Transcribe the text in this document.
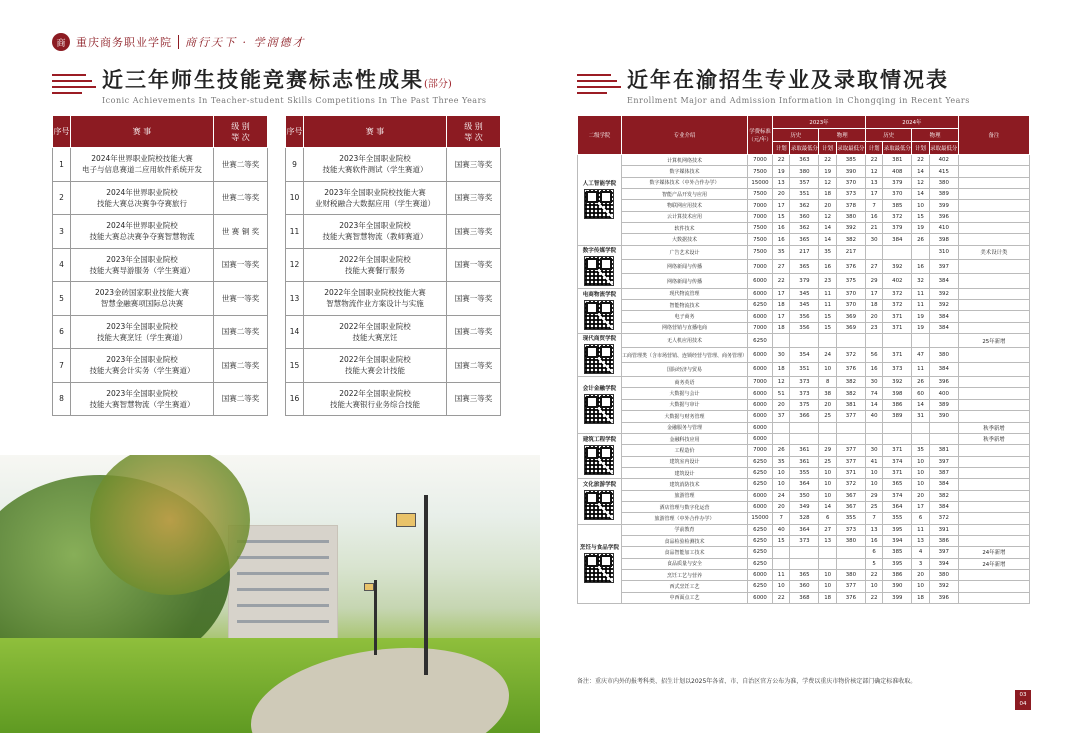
商 重庆商务职业学院 商行天下 · 学润德才
近三年师生技能竞赛标志性成果(部分)
Iconic Achievements In Teacher-student Skills Competitions In The Past Three Years
序号	赛 事	级 别
等 次
1	2024年世界职业院校技能大赛
电子与信息赛道二应用软件系统开发	世赛二等奖
2	2024年世界职业院校
技能大赛总决赛争夺赛旅行	世赛二等奖
3	2024年世界职业院校
技能大赛总决赛争夺赛智慧物流	世 赛 铜 奖
4	2023年全国职业院校
技能大赛导游服务（学生赛道）	国赛一等奖
5	2023金砖国家职业技能大赛
智慧金融赛项国际总决赛	世赛一等奖
6	2023年全国职业院校
技能大赛烹饪（学生赛道）	国赛二等奖
7	2023年全国职业院校
技能大赛会计实务（学生赛道）	国赛二等奖
8	2023年全国职业院校
技能大赛智慧物流（学生赛道）	国赛二等奖
序号	赛 事	级 别
等 次
9	2023年全国职业院校
技能大赛软件测试（学生赛道）	国赛三等奖
10	2023年全国职业院校技能大赛
业财税融合大数据应用（学生赛道）	国赛三等奖
11	2023年全国职业院校
技能大赛智慧物流（教师赛道）	国赛三等奖
12	2022年全国职业院校
技能大赛餐厅服务	国赛一等奖
13	2022年全国职业院校技能大赛
智慧物流作业方案设计与实施	国赛一等奖
14	2022年全国职业院校
技能大赛烹饪	国赛二等奖
15	2022年全国职业院校
技能大赛会计技能	国赛二等奖
16	2022年全国职业院校
技能大赛银行业务综合技能	国赛三等奖
近年在渝招生专业及录取情况表
Enrollment Major and Admission Information in Chongqing in Recent Years
二级学院	专业介绍	学费标准（元/年）	2023年				2024年				备注
			历史		物理		历史		物理		
			计划	录取最低分	计划	录取最低分	计划	录取最低分	计划	录取最低分	

人工智能学院	计算机网络技术	7000	22	363	22	385	22	381	22	402	
	数字媒体技术	7500	19	380	19	390	12	408	14	415	
	数字媒体技术（中外合作办学）	15000	13	357	12	370	13	379	12	380	
	智能产品开发与应用	7500	20	351	18	373	17	370	14	389	
	物联网应用技术	7000	17	362	20	378	7	385	10	399	
	云计算技术应用	7000	15	360	12	380	16	372	15	396	
	软件技术	7500	16	362	14	392	21	379	19	410	
	大数据技术	7500	16	365	14	382	30	384	26	398	

数字传媒学院	广告艺术设计	7500	35	217	35	217				310	美术设计类
	网络新闻与传播	7000	27	365	16	376	27	392	16	397	
	网络新闻与传播	6000	22	379	23	375	29	402	32	384	

电商物流学院	现代物流管理	6000	17	345	11	370	17	372	11	392	
	智能物流技术	6250	18	345	11	370	18	372	11	392	
	电子商务	6000	17	356	15	369	20	371	19	384	
	网络营销与直播电商	7000	18	356	15	369	23	371	19	384	

现代商贸学院	无人机应用技术	6250									25年新增
	工商管理类（含市场营销、连锁经营与管理、商务管理）	6000	30	354	24	372	56	371	47	380	
	国际经济与贸易	6000	18	351	10	376	16	373	11	384	

会计金融学院	商务英语	7000	12	373	8	382	30	392	26	396	
	大数据与会计	6000	51	373	38	382	74	398	60	400	
	大数据与审计	6000	20	375	20	381	14	386	14	389	
	大数据与财务管理	6000	37	366	25	377	40	389	31	390	
	金融服务与管理	6000									秋季新增

建筑工程学院	金融科技应用	6000									秋季新增
	工程造价	7000	26	361	29	377	30	371	35	381	
	建筑室内设计	6250	35	361	25	377	41	374	10	397	
	建筑设计	6250	10	355	10	371	10	371	10	387	

文化旅游学院	建筑消防技术	6250	10	364	10	372	10	365	10	384	
	旅游管理	6000	24	350	10	367	29	374	20	382	
	酒店管理与数字化运营	6000	20	349	14	367	25	364	17	384	
	旅游管理（中外合作办学）	15000	7	328	6	355	7	355	6	372	

烹饪与食品学院	学前教育	6250	40	364	27	373	13	395	11	391	
	食品检验检测技术	6250	15	373	13	380	16	394	13	386	
	食品智能加工技术	6250					6	385	4	397	24年新增
	食品质量与安全	6250					5	395	3	394	24年新增
	烹饪工艺与营养	6000	11	365	10	380	22	386	20	380	
	西式烹饪工艺	6250	10	360	10	377	10	390	10	392	
	中西面点工艺	6000	22	368	18	376	22	399	18	396	
备注：重庆市内外的报考科类、招生计划以2025年各省、市、自治区官方公布为准，学费以重庆市物价核定部门确定标准收取。
03
04
